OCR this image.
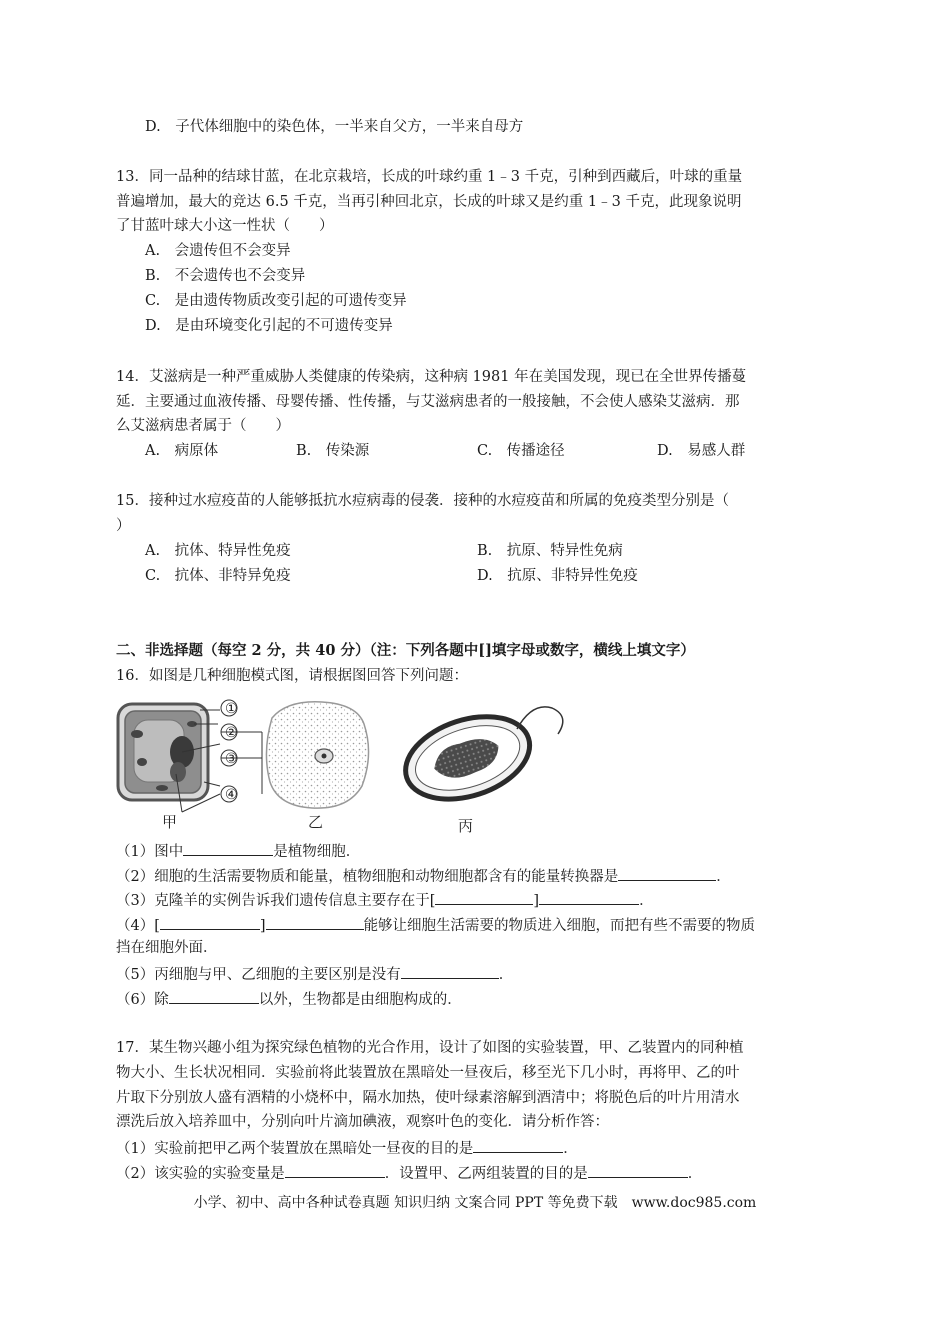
D.　子代体细胞中的染色体，一半来自父方，一半来自母方
13．同一品种的结球甘蓝，在北京栽培，长成的叶球约重 1﹣3 千克，引种到西藏后，叶球的重量
普遍增加，最大的竞达 6.5 千克，当再引种回北京，长成的叶球又是约重 1﹣3 千克，此现象说明
了甘蓝叶球大小这一性状（　　）
A.　会遗传但不会变异
B.　不会遗传也不会变异
C.　是由遗传物质改变引起的可遗传变异
D.　是由环境变化引起的不可遗传变异
14．艾滋病是一种严重威胁人类健康的传染病，这种病 1981 年在美国发现，现已在全世界传播蔓
延．主要通过血液传播、母婴传播、性传播，与艾滋病患者的一般接触，不会使人感染艾滋病．那
么艾滋病患者属于（　　）
A.　病原体	B.　传染源	C.　传播途径	D.　易感人群
15．接种过水痘疫苗的人能够抵抗水痘病毒的侵袭．接种的水痘疫苗和所属的免疫类型分别是（
）
A.　抗体、特异性免疫	B.　抗原、特异性免病
C.　抗体、非特异免疫	D.　抗原、非特异性免疫
二、非选择题（每空 2 分，共 40 分）（注：下列各题中[]填字母或数字，横线上填文字）
16．如图是几种细胞模式图，请根据图回答下列问题：
①
②
③
④
甲	乙	丙
（1）图中	是植物细胞．
（2）细胞的生活需要物质和能量，植物细胞和动物细胞都含有的能量转换器是	．
（3）克隆羊的实例告诉我们遗传信息主要存在于[	]	．
（4）[	]	能够让细胞生活需要的物质进入细胞，而把有些不需要的物质
挡在细胞外面．
（5）丙细胞与甲、乙细胞的主要区别是没有	．
（6）除	以外，生物都是由细胞构成的．
17．某生物兴趣小组为探究绿色植物的光合作用，设计了如图的实验装置，甲、乙装置内的同种植
物大小、生长状况相同．实验前将此装置放在黑暗处一昼夜后，移至光下几小时，再将甲、乙的叶
片取下分别放人盛有酒精的小烧杯中，隔水加热，使叶绿素溶解到酒清中；将脱色后的叶片用清水
漂洗后放入培养皿中，分别向叶片滴加碘液，观察叶色的变化．请分析作答：
（1）实验前把甲乙两个装置放在黑暗处一昼夜的目的是	．
（2）该实验的实验变量是	．设置甲、乙两组装置的目的是	．
小学、初中、高中各种试卷真题 知识归纳 文案合同 PPT 等免费下载　www.doc985.com
